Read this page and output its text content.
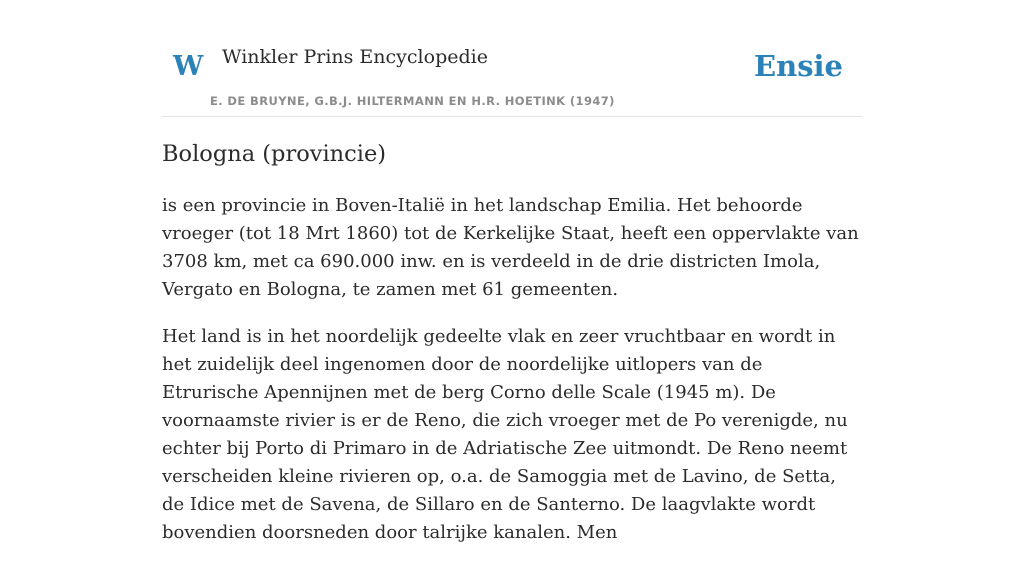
W Winkler Prins Encyclopedie
E. DE BRUYNE, G.B.J. HILTERMANN EN H.R. HOETINK (1947)
Ensie
Bologna (provincie)

is een provincie in Boven-Italië in het landschap Emilia. Het behoorde vroeger (tot 18 Mrt 1860) tot de Kerkelijke Staat, heeft een oppervlakte van 3708 km, met ca 690.000 inw. en is verdeeld in de drie districten Imola, Vergato en Bologna, te zamen met 61 gemeenten.

Het land is in het noordelijk gedeelte vlak en zeer vruchtbaar en wordt in het zuidelijk deel ingenomen door de noordelijke uitlopers van de Etrurische Apennijnen met de berg Corno delle Scale (1945 m). De voornaamste rivier is er de Reno, die zich vroeger met de Po verenigde, nu echter bij Porto di Primaro in de Adriatische Zee uitmondt. De Reno neemt verscheiden kleine rivieren op, o.a. de Samoggia met de Lavino, de Setta, de Idice met de Savena, de Sillaro en de Santerno. De laagvlakte wordt bovendien doorsneden door talrijke kanalen. Men
